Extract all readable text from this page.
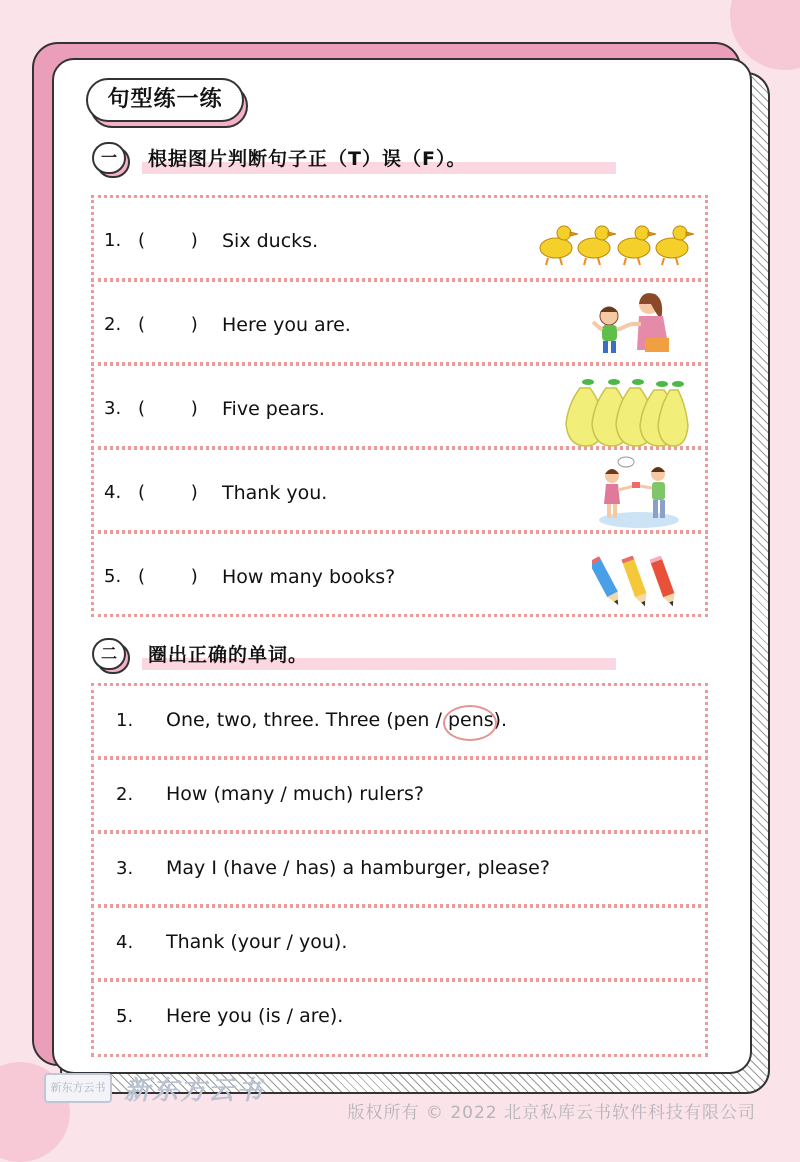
句型练一练
一	根据图片判断句子正（T）误（F）。
1. (        ) Six ducks.
2. (        ) Here you are.
3. (        ) Five pears.
4. (        ) Thank you.
5. (        ) How many books?
二	圈出正确的单词。
1. One, two, three. Three (pen / pens).
2. How (many / much) rulers?
3. May I (have / has) a hamburger, please?
4. Thank (your / you).
5. Here you (is / are).
新东方云书 新东方云书
版权所有 © 2022 北京私库云书软件科技有限公司
